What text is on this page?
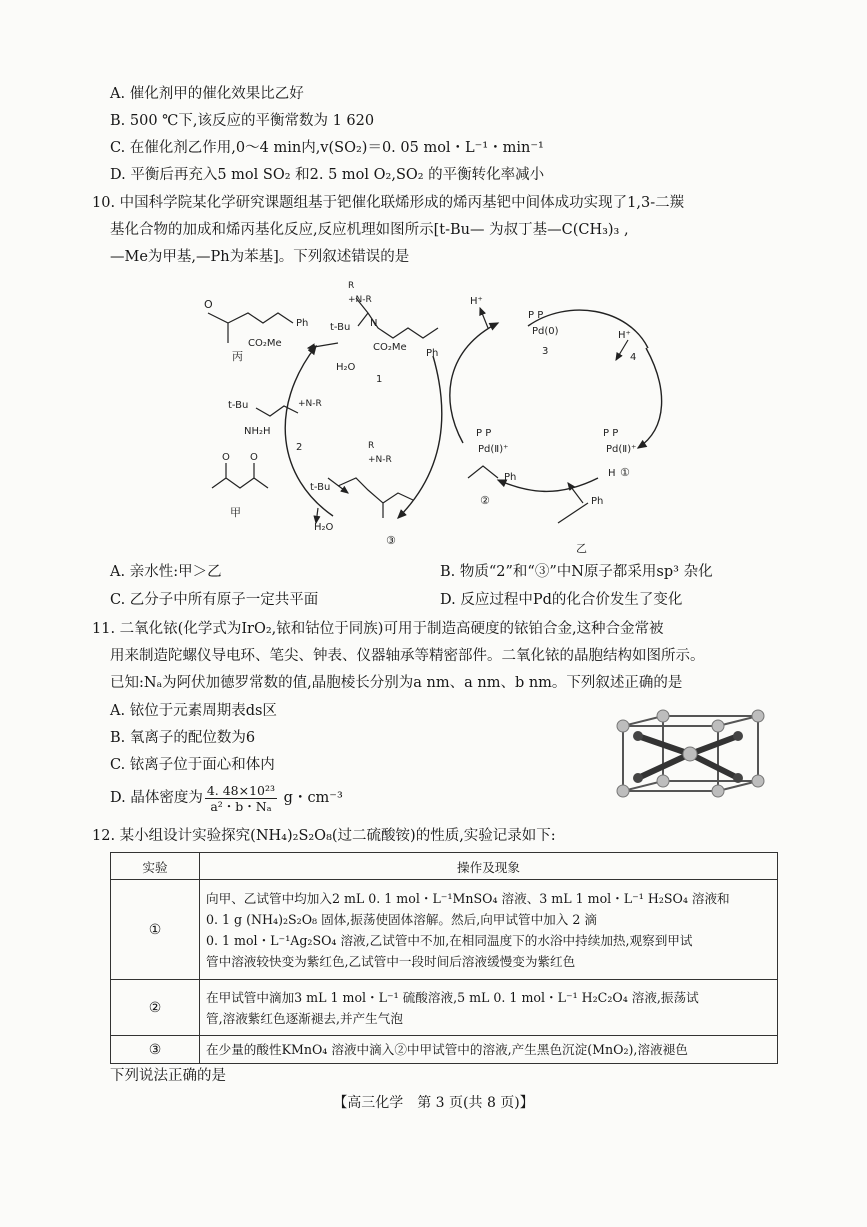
A. 催化剂甲的催化效果比乙好
B. 500 ℃下,该反应的平衡常数为 1 620
C. 在催化剂乙作用,0～4 min内,v(SO₂)＝0. 05 mol・L⁻¹・min⁻¹
D. 平衡后再充入5 mol SO₂ 和2. 5 mol O₂,SO₂ 的平衡转化率减小
10. 中国科学院某化学研究课题组基于钯催化联烯形成的烯丙基钯中间体成功实现了1,3-二羰
基化合物的加成和烯丙基化反应,反应机理如图所示[t-Bu— 为叔丁基—C(CH₃)₃ ,
—Me为甲基,—Ph为苯基]。下列叙述错误的是
O
CO₂Me
Ph
丙
t-Bu
R
+N-R
N
CO₂Me
Ph
1
H₂O
t-Bu	+N-R
NH₂H
2
O O
甲
t-Bu
R
+N-R
③
H₂O
H⁺
P P
Pd(0)
3
H⁺
4
P P
Pd(Ⅱ)⁺
H ①
P P
Pd(Ⅱ)⁺
Ph
②	Ph
乙
A. 亲水性:甲＞乙	B. 物质“2”和“③”中N原子都采用sp³ 杂化
C. 乙分子中所有原子一定共平面	D. 反应过程中Pd的化合价发生了变化
11. 二氧化铱(化学式为IrO₂,铱和钴位于同族)可用于制造高硬度的铱铂合金,这种合金常被
用来制造陀螺仪导电环、笔尖、钟表、仪器轴承等精密部件。二氧化铱的晶胞结构如图所示。
已知:Nₐ为阿伏加德罗常数的值,晶胞棱长分别为a nm、a nm、b nm。下列叙述正确的是
A. 铱位于元素周期表ds区
B. 氧离子的配位数为6
C. 铱离子位于面心和体内
D. 晶体密度为 $\frac{\text{4. 48×10²³}}{\text{a²・b・Nₐ}}$ g・cm⁻³
12. 某小组设计实验探究(NH₄)₂S₂O₈(过二硫酸铵)的性质,实验记录如下:
实验	操作及现象
①	向甲、乙试管中均加入2 mL 0. 1 mol・L⁻¹MnSO₄ 溶液、3 mL 1 mol・L⁻¹ H₂SO₄ 溶液和
0. 1 g (NH₄)₂S₂O₈ 固体,振荡使固体溶解。然后,向甲试管中加入 2 滴
0. 1 mol・L⁻¹Ag₂SO₄ 溶液,乙试管中不加,在相同温度下的水浴中持续加热,观察到甲试
管中溶液较快变为紫红色,乙试管中一段时间后溶液缓慢变为紫红色

②	在甲试管中滴加3 mL 1 mol・L⁻¹ 硫酸溶液,5 mL 0. 1 mol・L⁻¹ H₂C₂O₄ 溶液,振荡试
管,溶液紫红色逐渐褪去,并产生气泡

③	在少量的酸性KMnO₄ 溶液中滴入②中甲试管中的溶液,产生黑色沉淀(MnO₂),溶液褪色
下列说法正确的是
【高三化学　第 3 页(共 8 页)】
